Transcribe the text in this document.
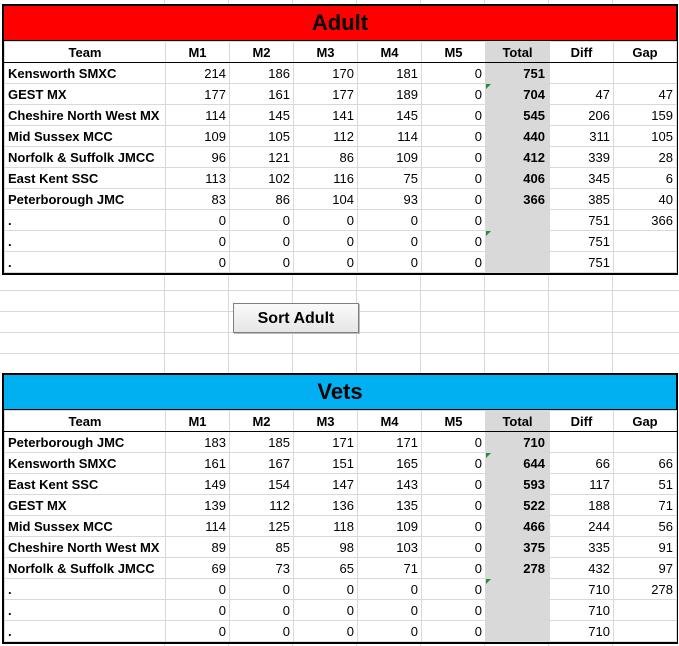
Adult
Team	M1	M2	M3	M4	M5	Total	Diff	Gap
Kensworth SMXC	214	186	170	181	0	751		
GEST MX	177	161	177	189	0	704	47	47
Cheshire North West MX	114	145	141	145	0	545	206	159
Mid Sussex MCC	109	105	112	114	0	440	311	105
Norfolk & Suffolk JMCC	96	121	86	109	0	412	339	28
East Kent SSC	113	102	116	75	0	406	345	6
Peterborough JMC	83	86	104	93	0	366	385	40
.	0	0	0	0	0		751	366
.	0	0	0	0	0		751	
.	0	0	0	0	0		751	
Sort Adult
Vets
Team	M1	M2	M3	M4	M5	Total	Diff	Gap
Peterborough JMC	183	185	171	171	0	710		
Kensworth SMXC	161	167	151	165	0	644	66	66
East Kent SSC	149	154	147	143	0	593	117	51
GEST MX	139	112	136	135	0	522	188	71
Mid Sussex MCC	114	125	118	109	0	466	244	56
Cheshire North West MX	89	85	98	103	0	375	335	91
Norfolk & Suffolk JMCC	69	73	65	71	0	278	432	97
.	0	0	0	0	0		710	278
.	0	0	0	0	0		710	
.	0	0	0	0	0		710	
